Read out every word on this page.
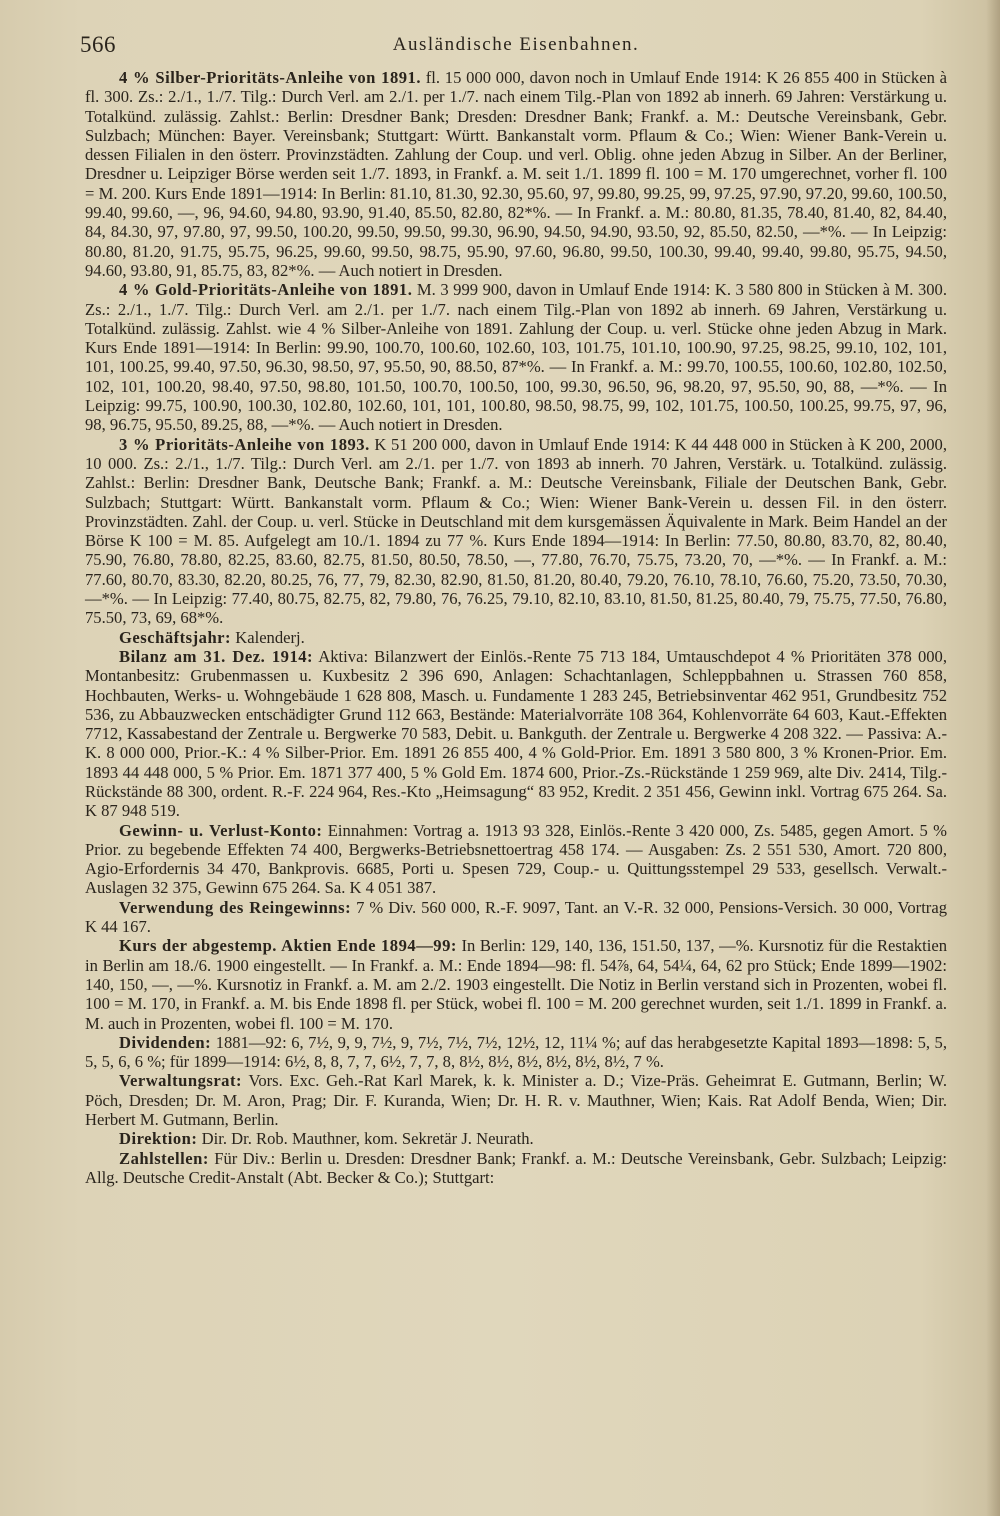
566	Ausländische Eisenbahnen.

4 % Silber-Prioritäts-Anleihe von 1891. fl. 15 000 000, davon noch in Umlauf Ende 1914: K 26 855 400 in Stücken à fl. 300. Zs.: 2./1., 1./7. Tilg.: Durch Verl. am 2./1. per 1./7. nach einem Tilg.-Plan von 1892 ab innerh. 69 Jahren: Verstärkung u. Totalkünd. zulässig. Zahlst.: Berlin: Dresdner Bank; Dresden: Dresdner Bank; Frankf. a. M.: Deutsche Vereinsbank, Gebr. Sulzbach; München: Bayer. Vereinsbank; Stuttgart: Württ. Bankanstalt vorm. Pflaum & Co.; Wien: Wiener Bank-Verein u. dessen Filialen in den österr. Provinzstädten. Zahlung der Coup. und verl. Oblig. ohne jeden Abzug in Silber. An der Berliner, Dresdner u. Leipziger Börse werden seit 1./7. 1893, in Frankf. a. M. seit 1./1. 1899 fl. 100 = M. 170 umgerechnet, vorher fl. 100 = M. 200. Kurs Ende 1891—1914: In Berlin: 81.10, 81.30, 92.30, 95.60, 97, 99.80, 99.25, 99, 97.25, 97.90, 97.20, 99.60, 100.50, 99.40, 99.60, —, 96, 94.60, 94.80, 93.90, 91.40, 85.50, 82.80, 82*%. — In Frankf. a. M.: 80.80, 81.35, 78.40, 81.40, 82, 84.40, 84, 84.30, 97, 97.80, 97, 99.50, 100.20, 99.50, 99.50, 99.30, 96.90, 94.50, 94.90, 93.50, 92, 85.50, 82.50, —*%. — In Leipzig: 80.80, 81.20, 91.75, 95.75, 96.25, 99.60, 99.50, 98.75, 95.90, 97.60, 96.80, 99.50, 100.30, 99.40, 99.40, 99.80, 95.75, 94.50, 94.60, 93.80, 91, 85.75, 83, 82*%. — Auch notiert in Dresden.

4 % Gold-Prioritäts-Anleihe von 1891. M. 3 999 900, davon in Umlauf Ende 1914: K. 3 580 800 in Stücken à M. 300. Zs.: 2./1., 1./7. Tilg.: Durch Verl. am 2./1. per 1./7. nach einem Tilg.-Plan von 1892 ab innerh. 69 Jahren, Verstärkung u. Totalkünd. zulässig. Zahlst. wie 4 % Silber-Anleihe von 1891. Zahlung der Coup. u. verl. Stücke ohne jeden Abzug in Mark. Kurs Ende 1891—1914: In Berlin: 99.90, 100.70, 100.60, 102.60, 103, 101.75, 101.10, 100.90, 97.25, 98.25, 99.10, 102, 101, 101, 100.25, 99.40, 97.50, 96.30, 98.50, 97, 95.50, 90, 88.50, 87*%. — In Frankf. a. M.: 99.70, 100.55, 100.60, 102.80, 102.50, 102, 101, 100.20, 98.40, 97.50, 98.80, 101.50, 100.70, 100.50, 100, 99.30, 96.50, 96, 98.20, 97, 95.50, 90, 88, —*%. — In Leipzig: 99.75, 100.90, 100.30, 102.80, 102.60, 101, 101, 100.80, 98.50, 98.75, 99, 102, 101.75, 100.50, 100.25, 99.75, 97, 96, 98, 96.75, 95.50, 89.25, 88, —*%. — Auch notiert in Dresden.

3 % Prioritäts-Anleihe von 1893. K 51 200 000, davon in Umlauf Ende 1914: K 44 448 000 in Stücken à K 200, 2000, 10 000. Zs.: 2./1., 1./7. Tilg.: Durch Verl. am 2./1. per 1./7. von 1893 ab innerh. 70 Jahren, Verstärk. u. Totalkünd. zulässig. Zahlst.: Berlin: Dresdner Bank, Deutsche Bank; Frankf. a. M.: Deutsche Vereinsbank, Filiale der Deutschen Bank, Gebr. Sulzbach; Stuttgart: Württ. Bankanstalt vorm. Pflaum & Co.; Wien: Wiener Bank-Verein u. dessen Fil. in den österr. Provinzstädten. Zahl. der Coup. u. verl. Stücke in Deutschland mit dem kursgemässen Äquivalente in Mark. Beim Handel an der Börse K 100 = M. 85. Aufgelegt am 10./1. 1894 zu 77 %. Kurs Ende 1894—1914: In Berlin: 77.50, 80.80, 83.70, 82, 80.40, 75.90, 76.80, 78.80, 82.25, 83.60, 82.75, 81.50, 80.50, 78.50, —, 77.80, 76.70, 75.75, 73.20, 70, —*%. — In Frankf. a. M.: 77.60, 80.70, 83.30, 82.20, 80.25, 76, 77, 79, 82.30, 82.90, 81.50, 81.20, 80.40, 79.20, 76.10, 78.10, 76.60, 75.20, 73.50, 70.30, —*%. — In Leipzig: 77.40, 80.75, 82.75, 82, 79.80, 76, 76.25, 79.10, 82.10, 83.10, 81.50, 81.25, 80.40, 79, 75.75, 77.50, 76.80, 75.50, 73, 69, 68*%.

Geschäftsjahr: Kalenderj.

Bilanz am 31. Dez. 1914: Aktiva: Bilanzwert der Einlös.-Rente 75 713 184, Umtauschdepot 4 % Prioritäten 378 000, Montanbesitz: Grubenmassen u. Kuxbesitz 2 396 690, Anlagen: Schachtanlagen, Schleppbahnen u. Strassen 760 858, Hochbauten, Werks- u. Wohngebäude 1 628 808, Masch. u. Fundamente 1 283 245, Betriebsinventar 462 951, Grundbesitz 752 536, zu Abbauzwecken entschädigter Grund 112 663, Bestände: Materialvorräte 108 364, Kohlenvorräte 64 603, Kaut.-Effekten 7712, Kassabestand der Zentrale u. Bergwerke 70 583, Debit. u. Bankguth. der Zentrale u. Bergwerke 4 208 322. — Passiva: A.-K. 8 000 000, Prior.-K.: 4 % Silber-Prior. Em. 1891 26 855 400, 4 % Gold-Prior. Em. 1891 3 580 800, 3 % Kronen-Prior. Em. 1893 44 448 000, 5 % Prior. Em. 1871 377 400, 5 % Gold Em. 1874 600, Prior.-Zs.-Rückstände 1 259 969, alte Div. 2414, Tilg.-Rückstände 88 300, ordent. R.-F. 224 964, Res.-Kto „Heimsagung“ 83 952, Kredit. 2 351 456, Gewinn inkl. Vortrag 675 264. Sa. K 87 948 519.

Gewinn- u. Verlust-Konto: Einnahmen: Vortrag a. 1913 93 328, Einlös.-Rente 3 420 000, Zs. 5485, gegen Amort. 5 % Prior. zu begebende Effekten 74 400, Bergwerks-Betriebsnettoertrag 458 174. — Ausgaben: Zs. 2 551 530, Amort. 720 800, Agio-Erfordernis 34 470, Bankprovis. 6685, Porti u. Spesen 729, Coup.- u. Quittungsstempel 29 533, gesellsch. Verwalt.-Auslagen 32 375, Gewinn 675 264. Sa. K 4 051 387.

Verwendung des Reingewinns: 7 % Div. 560 000, R.-F. 9097, Tant. an V.-R. 32 000, Pensions-Versich. 30 000, Vortrag K 44 167.

Kurs der abgestemp. Aktien Ende 1894—99: In Berlin: 129, 140, 136, 151.50, 137, —%. Kursnotiz für die Restaktien in Berlin am 18./6. 1900 eingestellt. — In Frankf. a. M.: Ende 1894—98: fl. 54⅞, 64, 54¼, 64, 62 pro Stück; Ende 1899—1902: 140, 150, —, —%. Kursnotiz in Frankf. a. M. am 2./2. 1903 eingestellt. Die Notiz in Berlin verstand sich in Prozenten, wobei fl. 100 = M. 170, in Frankf. a. M. bis Ende 1898 fl. per Stück, wobei fl. 100 = M. 200 gerechnet wurden, seit 1./1. 1899 in Frankf. a. M. auch in Prozenten, wobei fl. 100 = M. 170.

Dividenden: 1881—92: 6, 7½, 9, 9, 7½, 9, 7½, 7½, 7½, 12½, 12, 11¼ %; auf das herabgesetzte Kapital 1893—1898: 5, 5, 5, 5, 6, 6 %; für 1899—1914: 6½, 8, 8, 7, 7, 6½, 7, 7, 8, 8½, 8½, 8½, 8½, 8½, 8½, 7 %.

Verwaltungsrat: Vors. Exc. Geh.-Rat Karl Marek, k. k. Minister a. D.; Vize-Präs. Geheimrat E. Gutmann, Berlin; W. Pöch, Dresden; Dr. M. Aron, Prag; Dir. F. Kuranda, Wien; Dr. H. R. v. Mauthner, Wien; Kais. Rat Adolf Benda, Wien; Dir. Herbert M. Gutmann, Berlin.

Direktion: Dir. Dr. Rob. Mauthner, kom. Sekretär J. Neurath.

Zahlstellen: Für Div.: Berlin u. Dresden: Dresdner Bank; Frankf. a. M.: Deutsche Vereinsbank, Gebr. Sulzbach; Leipzig: Allg. Deutsche Credit-Anstalt (Abt. Becker & Co.); Stuttgart:
